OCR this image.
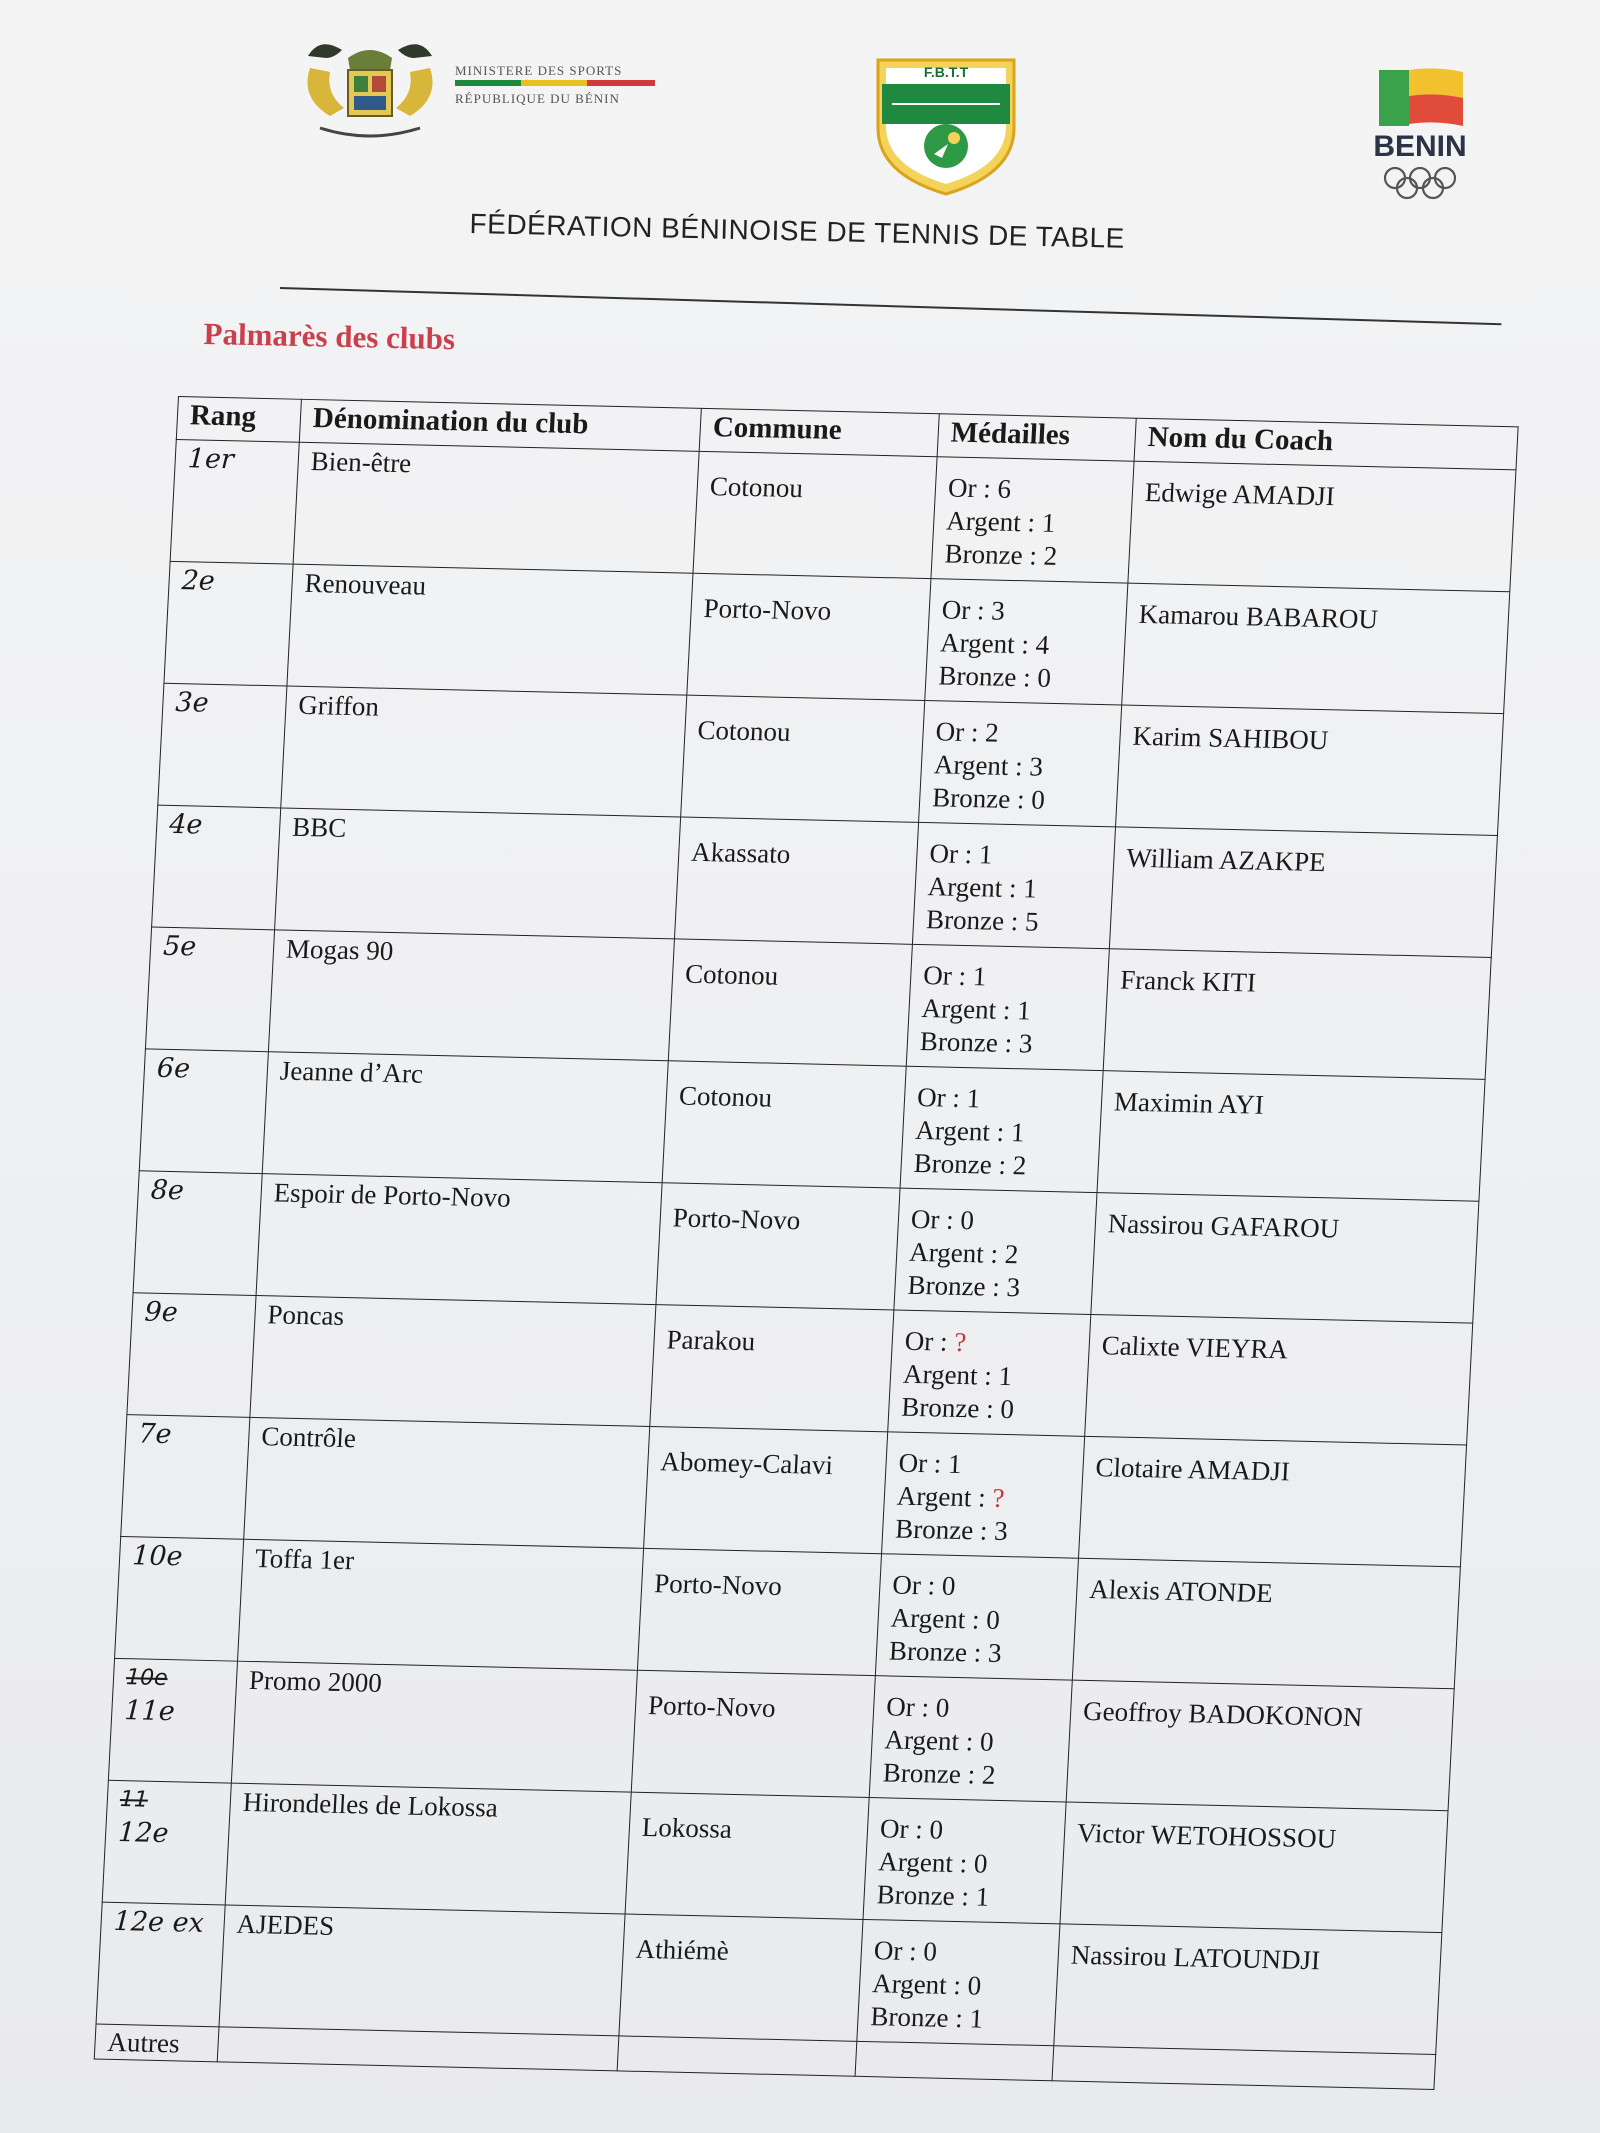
MINISTERE DES SPORTS
RÉPUBLIQUE DU BÉNIN
F.B.T.T
BENIN
FÉDÉRATION BÉNINOISE DE TENNIS DE TABLE
Palmarès des clubs
Rang	Dénomination du club	Commune	Médailles	Nom du Coach
1er	Bien-être	Cotonou	Or : 6
Argent : 1
Bronze : 2	Edwige AMADJI
2e	Renouveau	Porto-Novo	Or : 3
Argent : 4
Bronze : 0	Kamarou BABAROU
3e	Griffon	Cotonou	Or : 2
Argent : 3
Bronze : 0	Karim SAHIBOU
4e	BBC	Akassato	Or : 1
Argent : 1
Bronze : 5	William AZAKPE
5e	Mogas 90	Cotonou	Or : 1
Argent : 1
Bronze : 3	Franck KITI
6e	Jeanne d’Arc	Cotonou	Or : 1
Argent : 1
Bronze : 2	Maximin AYI
8e	Espoir de Porto-Novo	Porto-Novo	Or : 0
Argent : 2
Bronze : 3	Nassirou GAFAROU
9e	Poncas	Parakou	Or : ?
Argent : 1
Bronze : 0	Calixte VIEYRA
7e	Contrôle	Abomey-Calavi	Or : 1
Argent : ?
Bronze : 3	Clotaire AMADJI
10e	Toffa 1er	Porto-Novo	Or : 0
Argent : 0
Bronze : 3	Alexis ATONDE

10e
11e	Promo 2000	Porto-Novo	Or : 0
Argent : 0
Bronze : 2	Geoffroy BADOKONON

11
12e	Hirondelles de Lokossa	Lokossa	Or : 0
Argent : 0
Bronze : 1	Victor WETOHOSSOU
12e ex	AJEDES	Athiémè	Or : 0
Argent : 0
Bronze : 1	Nassirou LATOUNDJI
Autres				
